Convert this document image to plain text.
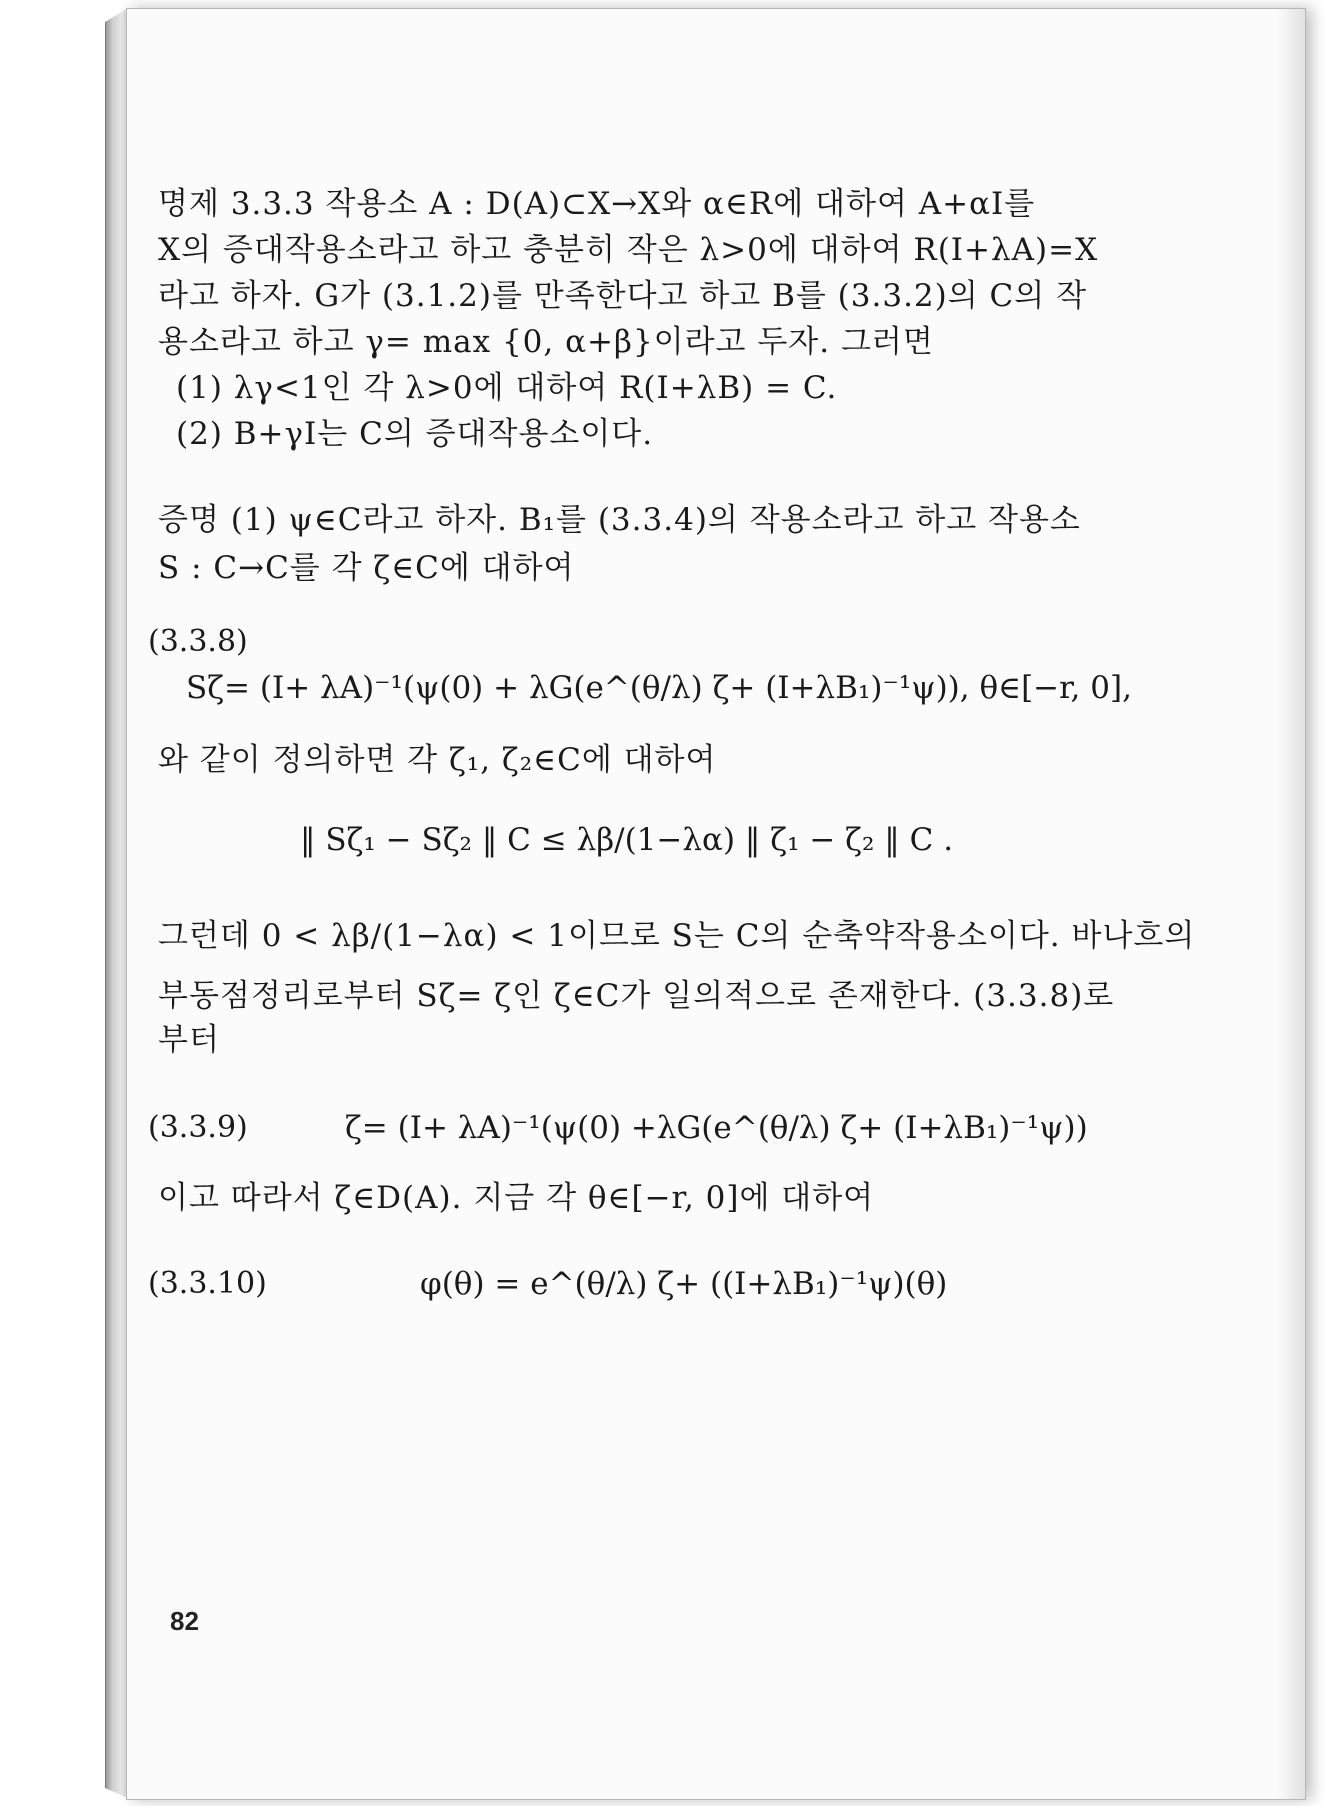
명제 3.3.3 작용소 A : D(A)⊂X→X와 α∈R에 대하여 A+αI를
X의 증대작용소라고 하고 충분히 작은 λ>0에 대하여 R(I+λA)=X
라고 하자. G가 (3.1.2)를 만족한다고 하고 B를 (3.3.2)의 C의 작
용소라고 하고 γ= max {0, α+β}이라고 두자. 그러면
(1) λγ<1인 각 λ>0에 대하여 R(I+λB) = C.
(2) B+γI는 C의 증대작용소이다.
증명 (1) ψ∈C라고 하자. B₁를 (3.3.4)의 작용소라고 하고 작용소
S : C→C를 각 ζ∈C에 대하여
(3.3.8)
Sζ= (I+ λA)⁻¹(ψ(0) + λG(e^(θ/λ) ζ+ (I+λB₁)⁻¹ψ)), θ∈[−r, 0],
와 같이 정의하면 각 ζ₁, ζ₂∈C에 대하여
‖ Sζ₁ − Sζ₂ ‖ C ≤ λβ/(1−λα) ‖ ζ₁ − ζ₂ ‖ C .
그런데 0 < λβ/(1−λα) < 1이므로 S는 C의 순축약작용소이다. 바나흐의
부동점정리로부터 Sζ= ζ인 ζ∈C가 일의적으로 존재한다. (3.3.8)로
부터
(3.3.9)	ζ= (I+ λA)⁻¹(ψ(0) +λG(e^(θ/λ) ζ+ (I+λB₁)⁻¹ψ))
이고 따라서 ζ∈D(A). 지금 각 θ∈[−r, 0]에 대하여
(3.3.10)	φ(θ) = e^(θ/λ) ζ+ ((I+λB₁)⁻¹ψ)(θ)
82
